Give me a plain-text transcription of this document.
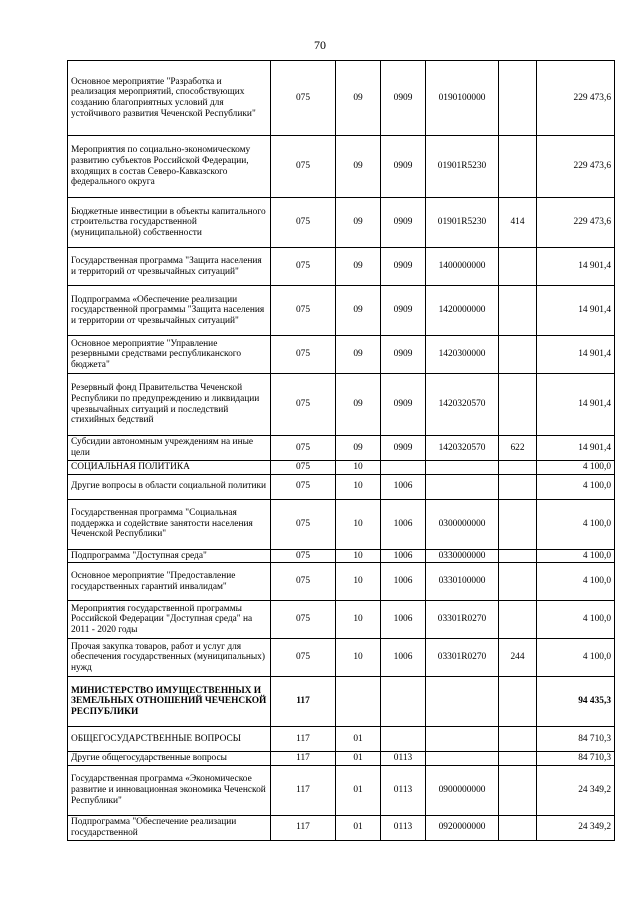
70
Основное мероприятие "Разработка и реализация мероприятий, способствующих созданию благоприятных условий для устойчивого развития Чеченской Республики"	075	09	0909	0190100000		229 473,6
Мероприятия по социально-экономическому развитию субъектов Российской Федерации, входящих в состав Северо-Кавказского федерального округа	075	09	0909	01901R5230		229 473,6
Бюджетные инвестиции в объекты капитального строительства государственной (муниципальной) собственности	075	09	0909	01901R5230	414	229 473,6
Государственная программа "Защита населения и территорий от чрезвычайных ситуаций"	075	09	0909	1400000000		14 901,4
Подпрограмма «Обеспечение реализации государственной программы "Защита населения и территории от чрезвычайных ситуаций"	075	09	0909	1420000000		14 901,4
Основное мероприятие "Управление резервными средствами республиканского бюджета"	075	09	0909	1420300000		14 901,4
Резервный фонд Правительства Чеченской Республики по предупреждению и ликвидации чрезвычайных ситуаций и последствий стихийных бедствий	075	09	0909	1420320570		14 901,4
Субсидии автономным учреждениям на иные цели	075	09	0909	1420320570	622	14 901,4
СОЦИАЛЬНАЯ ПОЛИТИКА	075	10				4 100,0
Другие вопросы в области социальной политики	075	10	1006			4 100,0
Государственная программа "Социальная поддержка и содействие занятости населения Чеченской Республики"	075	10	1006	0300000000		4 100,0
Подпрограмма "Доступная среда"	075	10	1006	0330000000		4 100,0
Основное мероприятие "Предоставление государственных гарантий инвалидам"	075	10	1006	0330100000		4 100,0
Мероприятия государственной программы Российской Федерации "Доступная среда" на 2011 - 2020 годы	075	10	1006	03301R0270		4 100,0
Прочая закупка товаров, работ и услуг для обеспечения государственных (муниципальных) нужд	075	10	1006	03301R0270	244	4 100,0
МИНИСТЕРСТВО ИМУЩЕСТВЕННЫХ И ЗЕМЕЛЬНЫХ ОТНОШЕНИЙ ЧЕЧЕНСКОЙ РЕСПУБЛИКИ	117					94 435,3
ОБЩЕГОСУДАРСТВЕННЫЕ ВОПРОСЫ	117	01				84 710,3
Другие общегосударственные вопросы	117	01	0113			84 710,3
Государственная программа «Экономическое развитие и инновационная экономика Чеченской Республики"	117	01	0113	0900000000		24 349,2
Подпрограмма "Обеспечение реализации государственной	117	01	0113	0920000000		24 349,2
